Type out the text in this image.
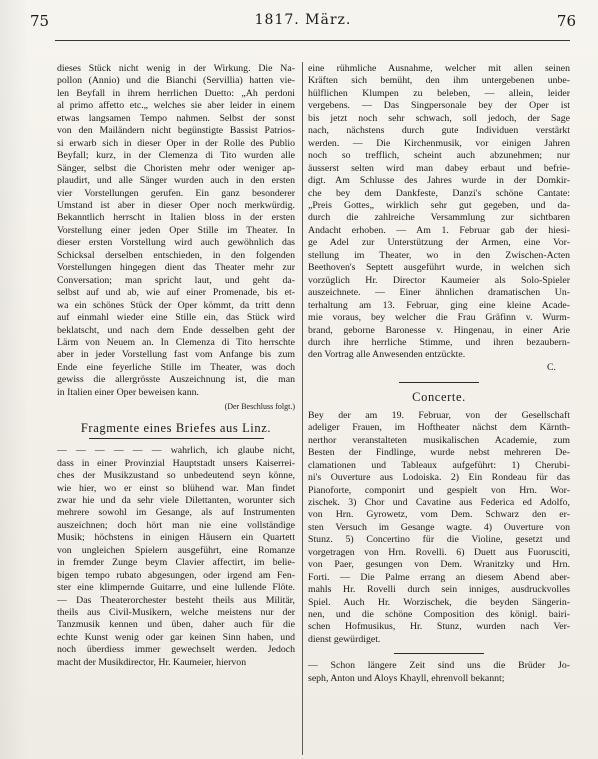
75	1817. März.	76
dieses Stück nicht wenig in der Wirkung. Die Na-
pollon (Annio) und die Bianchi (Servillia) hatten vie-
len Beyfall in ihrem herrlichen Duetto: „Ah perdoni
al primo affetto etc.„ welches sie aber leider in einem
etwas langsamen Tempo nahmen. Selbst der sonst
von den Mailändern nicht begünstigte Bassist Patrios-
si erwarb sich in dieser Oper in der Rolle des Publio
Beyfall; kurz, in der Clemenza di Tito wurden alle
Sänger, selbst die Choristen mehr oder weniger ap-
plaudirt, und alle Sänger wurden auch in den ersten
vier Vorstellungen gerufen. Ein ganz besonderer
Umstand ist aber in dieser Oper noch merkwürdig.
Bekanntlich herrscht in Italien bloss in der ersten
Vorstellung einer jeden Oper Stille im Theater. In
dieser ersten Vorstellung wird auch gewöhnlich das
Schicksal derselben entschieden, in den folgenden
Vorstellungen hingegen dient das Theater mehr zur
Conversation; man spricht laut, und geht da-
selbst auf und ab, wie auf einer Promenade, bis et-
wa ein schönes Stück der Oper kömmt, da tritt denn
auf einmahl wieder eine Stille ein, das Stück wird
beklatscht, und nach dem Ende desselben geht der
Lärm von Neuem an. In Clemenza di Tito herrschte
aber in jeder Vorstellung fast vom Anfange bis zum
Ende eine feyerliche Stille im Theater, was doch
gewiss die allergrösste Auszeichnung ist, die man
in Italien einer Oper beweisen kann.
(Der Beschluss folgt.)
Fragmente eines Briefes aus Linz.
— — — — — — wahrlich, ich glaube nicht,
dass in einer Provinzial Hauptstadt unsers Kaiserrei-
ches der Musikzustand so unbedeutend seyn könne,
wie hier, wo er einst so blühend war. Man findet
zwar hie und da sehr viele Dilettanten, worunter sich
mehrere sowohl im Gesange, als auf Instrumenten
auszeichnen; doch hört man nie eine vollständige
Musik; höchstens in einigen Häusern ein Quartett
von ungleichen Spielern ausgeführt, eine Romanze
in fremder Zunge beym Clavier affectirt, im belie-
bigen tempo rubato abgesungen, oder irgend am Fen-
ster eine klimpernde Guitarre, und eine lullende Flöte.
— Das Theaterorchester besteht theils aus Militär,
theils aus Civil-Musikern, welche meistens nur der
Tanzmusik kennen und üben, daher auch für die
echte Kunst wenig oder gar keinen Sinn haben, und
noch überdiess immer gewechselt werden. Jedoch
macht der Musikdirector, Hr. Kaumeier, hiervon
eine rühmliche Ausnahme, welcher mit allen seinen
Kräften sich bemüht, den ihm untergebenen unbe-
hülflichen Klumpen zu beleben, — allein, leider
vergebens. — Das Singpersonale bey der Oper ist
bis jetzt noch sehr schwach, soll jedoch, der Sage
nach, nächstens durch gute Individuen verstärkt
werden. — Die Kirchenmusik, vor einigen Jahren
noch so trefflich, scheint auch abzunehmen; nur
äusserst selten wird man dabey erbaut und befrie-
digt. Am Schlusse des Jahres wurde in der Domkir-
che bey dem Dankfeste, Danzi's schöne Cantate:
„Preis Gottes„ wirklich sehr gut gegeben, und da-
durch die zahlreiche Versammlung zur sichtbaren
Andacht erhoben. — Am 1. Februar gab der hiesi-
ge Adel zur Unterstützung der Armen, eine Vor-
stellung im Theater, wo in den Zwischen-Acten
Beethoven's Septett ausgeführt wurde, in welchen sich
vorzüglich Hr. Director Kaumeier als Solo-Spieler
auszeichnete. — Einer ähnlichen dramatischen Un-
terhaltung am 13. Februar, ging eine kleine Acade-
mie voraus, bey welcher die Frau Gräfinn v. Wurm-
brand, geborne Baronesse v. Hingenau, in einer Arie
durch ihre herrliche Stimme, und ihren bezaubern-
den Vortrag alle Anwesenden entzückte.
C.
Concerte.
Bey der am 19. Februar, von der Gesellschaft
adeliger Frauen, im Hoftheater nächst dem Kärnth-
nerthor veranstalteten musikalischen Academie, zum
Besten der Findlinge, wurde nebst mehreren De-
clamationen und Tableaux aufgeführt: 1) Cherubi-
ni's Ouverture aus Lodoiska. 2) Ein Rondeau für das
Pianoforte, componirt und gespielt von Hrn. Wor-
zischek. 3) Chor und Cavatine aus Federica ed Adolfo,
von Hrn. Gyrowetz, vom Dem. Schwarz den er-
sten Versuch im Gesange wagte. 4) Ouverture von
Stunz. 5) Concertino für die Violine, gesetzt und
vorgetragen von Hrn. Rovelli. 6) Duett aus Fuorusciti,
von Paer, gesungen von Dem. Wranitzky und Hrn.
Forti. — Die Palme errang an diesem Abend aber-
mahls Hr. Rovelli durch sein inniges, ausdruckvolles
Spiel. Auch Hr. Worzischek, die beyden Sängerin-
nen, und die schöne Composition des königl. bairi-
schen Hofmusikus, Hr. Stunz, wurden nach Ver-
dienst gewürdiget.
— Schon längere Zeit sind uns die Brüder Jo-
seph, Anton und Aloys Khayll, ehrenvoll bekannt;
